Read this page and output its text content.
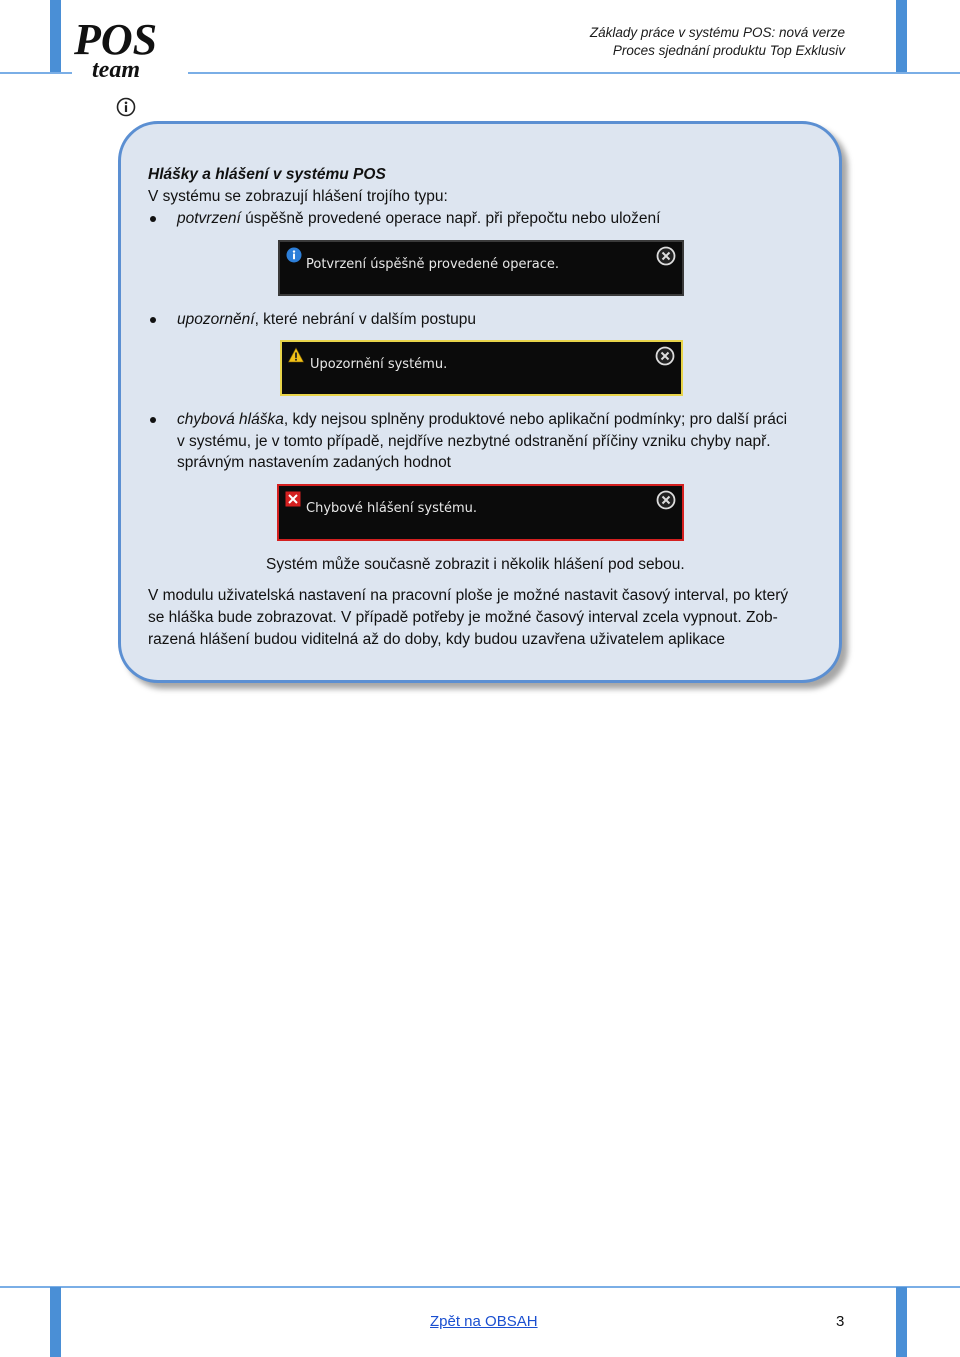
POS
team
Základy práce v systému POS: nová verze
Proces sjednání produktu Top Exklusiv
Hlášky a hlášení v systému POS
V systému se zobrazují hlášení trojího typu:
potvrzení úspěšně provedené operace např. při přepočtu nebo uložení
Potvrzení úspěšně provedené operace.
upozornění, které nebrání v dalším postupu
Upozornění systému.
chybová hláška, kdy nejsou splněny produktové nebo aplikační podmínky; pro další práci
v systému, je v tomto případě, nejdříve nezbytné odstranění příčiny vzniku chyby např.
správným nastavením zadaných hodnot
Chybové hlášení systému.
Systém může současně zobrazit i několik hlášení pod sebou.
V modulu uživatelská nastavení na pracovní ploše je možné nastavit časový interval, po který
se hláška bude zobrazovat. V případě potřeby je možné časový interval zcela vypnout. Zob-
razená hlášení budou viditelná až do doby, kdy budou uzavřena uživatelem aplikace
Zpět na OBSAH	3
